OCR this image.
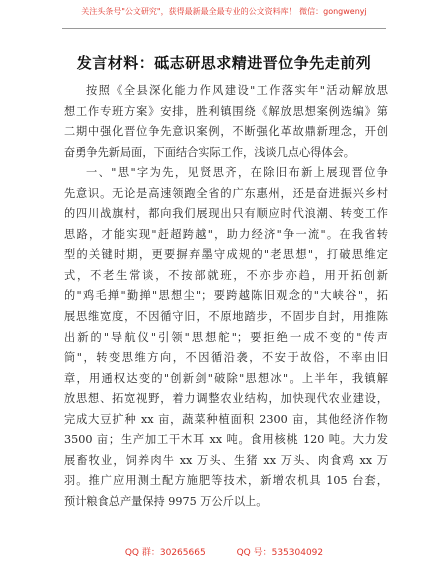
关注头条号"公文研究"，获得最新最全最专业的公文资料库！ 微信：gongwenyj
发言材料：砥志研思求精进晋位争先走前列
按照《全县深化能力作风建设"工作落实年"活动解放思
想工作专班方案》安排，胜利镇围绕《解放思想案例选编》第
二期中强化晋位争先意识案例，不断强化革故鼎新理念，开创
奋勇争先新局面，下面结合实际工作，浅谈几点心得体会。
一、"思"字为先，见贤思齐，在除旧布新上展现晋位争
先意识。无论是高速领跑全省的广东惠州，还是奋进振兴乡村
的四川战旗村，都向我们展现出只有顺应时代浪潮、转变工作
思路，才能实现"赶超跨越"，助力经济"争一流"。在我省转
型的关键时期，更要摒弃墨守成规的"老思想"，打破思维定
式，不老生常谈，不按部就班，不亦步亦趋，用开拓创新
的"鸡毛掸"勤掸"思想尘"；要跨越陈旧观念的"大峡谷"，拓
展思维宽度，不因循守旧，不原地踏步，不固步自封，用推陈
出新的"导航仪"引领"思想舵"；要拒绝一成不变的"传声
筒"，转变思维方向，不因循沿袭，不安于故俗，不率由旧
章，用通权达变的"创新剑"破除"思想冰"。上半年，我镇解
放思想、拓宽视野，着力调整农业结构，加快现代农业建设，
完成大豆扩种 xx 亩，蔬菜种植面积 2300 亩，其他经济作物
3500 亩；生产加工干木耳 xx 吨。食用核桃 120 吨。大力发
展畜牧业，饲养肉牛 xx 万头、生猪 xx 万头、肉食鸡 xx 万
羽。推广应用测土配方施肥等技术，新增农机具 105 台套，
预计粮食总产量保持 9975 万公斤以上。
QQ 群：30265665	QQ 号：535304092
